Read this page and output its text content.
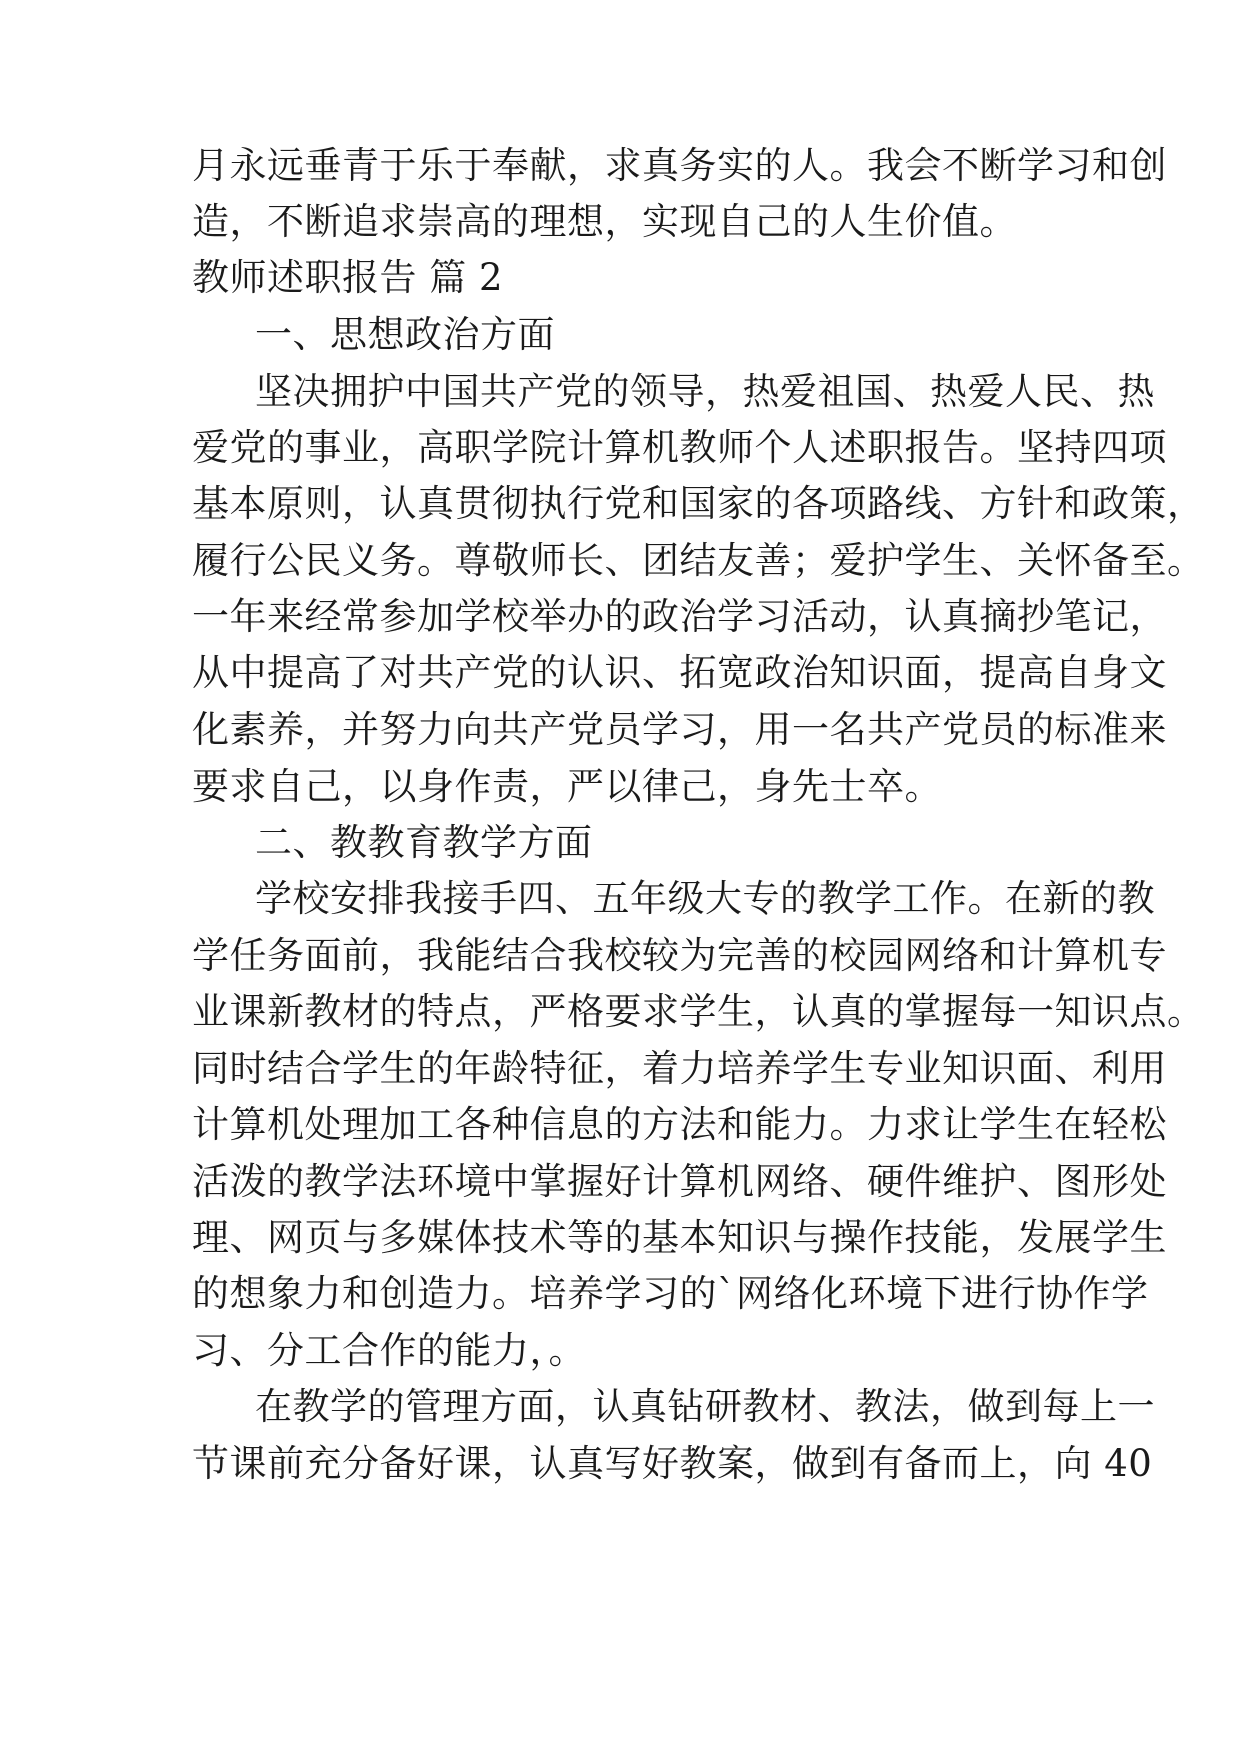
月永远垂青于乐于奉献，求真务实的人。我会不断学习和创
造，不断追求崇高的理想，实现自己的人生价值。
教师述职报告 篇 2
一、思想政治方面
坚决拥护中国共产党的领导，热爱祖国、热爱人民、热
爱党的事业，高职学院计算机教师个人述职报告。坚持四项
基本原则，认真贯彻执行党和国家的各项路线、方针和政策，
履行公民义务。尊敬师长、团结友善；爱护学生、关怀备至。
一年来经常参加学校举办的政治学习活动，认真摘抄笔记，
从中提高了对共产党的认识、拓宽政治知识面，提高自身文
化素养，并努力向共产党员学习，用一名共产党员的标准来
要求自己，以身作责，严以律己，身先士卒。
二、教教育教学方面
学校安排我接手四、五年级大专的教学工作。在新的教
学任务面前，我能结合我校较为完善的校园网络和计算机专
业课新教材的特点，严格要求学生，认真的掌握每一知识点。
同时结合学生的年龄特征，着力培养学生专业知识面、利用
计算机处理加工各种信息的方法和能力。力求让学生在轻松
活泼的教学法环境中掌握好计算机网络、硬件维护、图形处
理、网页与多媒体技术等的基本知识与操作技能，发展学生
的想象力和创造力。培养学习的`网络化环境下进行协作学
习、分工合作的能力，。
在教学的管理方面，认真钻研教材、教法，做到每上一
节课前充分备好课，认真写好教案，做到有备而上，向 40
